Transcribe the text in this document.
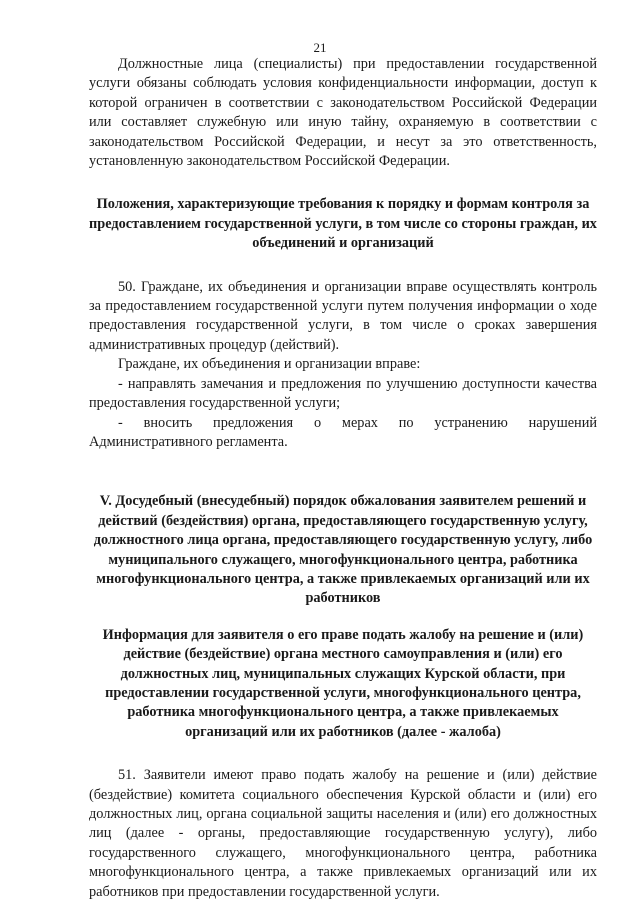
21

Должностные лица (специалисты) при предоставлении государственной услуги обязаны соблюдать условия конфиденциальности информации, доступ к которой ограничен в соответствии с законодательством Российской Федерации или составляет служебную или иную тайну, охраняемую в соответствии с законодательством Российской Федерации, и несут за это ответственность, установленную законодательством Российской Федерации.

Положения, характеризующие требования к порядку и формам контроля за предоставлением государственной услуги, в том числе со стороны граждан, их объединений и организаций

50. Граждане, их объединения и организации вправе осуществлять контроль за предоставлением государственной услуги путем получения информации о ходе предоставления государственной услуги, в том числе о сроках завершения административных процедур (действий).

Граждане, их объединения и организации вправе:

- направлять замечания и предложения по улучшению доступности качества предоставления государственной услуги;

- вносить предложения о мерах по устранению нарушений Административного регламента.

V. Досудебный (внесудебный) порядок обжалования заявителем решений и действий (бездействия) органа, предоставляющего государственную услугу, должностного лица органа, предоставляющего государственную услугу, либо муниципального служащего, многофункционального центра, работника многофункционального центра, а также привлекаемых организаций или их работников
Информация для заявителя о его праве подать жалобу на решение и (или) действие (бездействие) органа местного самоуправления и (или) его должностных лиц, муниципальных служащих Курской области, при предоставлении государственной услуги, многофункционального центра, работника многофункционального центра, а также привлекаемых организаций или их работников (далее - жалоба)

51. Заявители имеют право подать жалобу на решение и (или) действие (бездействие) комитета социального обеспечения Курской области и (или) его должностных лиц, органа социальной защиты населения и (или) его должностных лиц (далее - органы, предоставляющие государственную услугу), либо государственного служащего, многофункционального центра, работника многофункционального центра, а также привлекаемых организаций или их работников при предоставлении государственной услуги.
